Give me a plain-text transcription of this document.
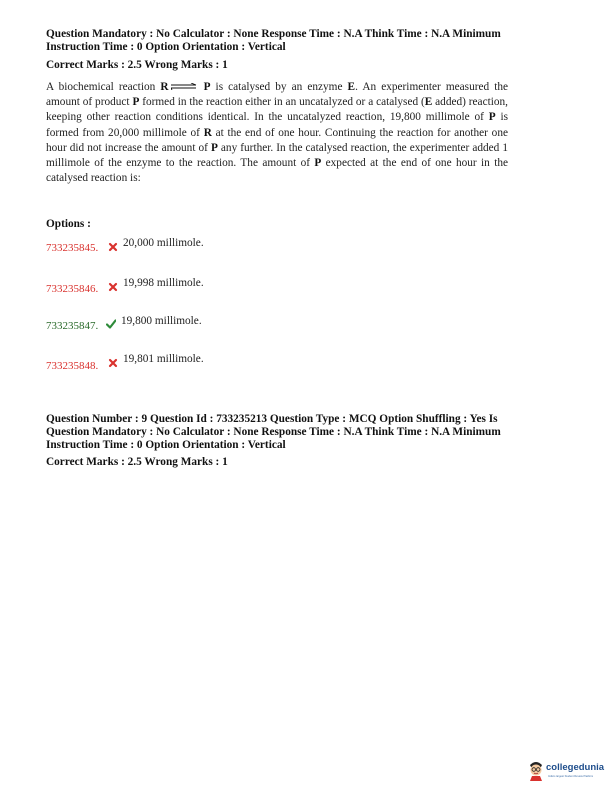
Question Mandatory : No Calculator : None Response Time : N.A Think Time : N.A Minimum
Instruction Time : 0 Option Orientation : Vertical
Correct Marks : 2.5 Wrong Marks : 1
A biochemical reaction R ⇌ P is catalysed by an enzyme E. An experimenter measured the amount of product P formed in the reaction either in an uncatalyzed or a catalysed (E added) reaction, keeping other reaction conditions identical. In the uncatalyzed reaction, 19,800 millimole of P is formed from 20,000 millimole of R at the end of one hour. Continuing the reaction for another one hour did not increase the amount of P any further. In the catalysed reaction, the experimenter added 1 millimole of the enzyme to the reaction. The amount of P expected at the end of one hour in the catalysed reaction is:
Options :
733235845. 20,000 millimole.
733235846. 19,998 millimole.
733235847. 19,800 millimole.
733235848.
19,801 millimole.
Question Number : 9 Question Id : 733235213 Question Type : MCQ Option Shuffling : Yes Is
Question Mandatory : No Calculator : None Response Time : N.A Think Time : N.A Minimum
Instruction Time : 0 Option Orientation : Vertical
Correct Marks : 2.5 Wrong Marks : 1
collegedunia
India's largest Student Review Platform
